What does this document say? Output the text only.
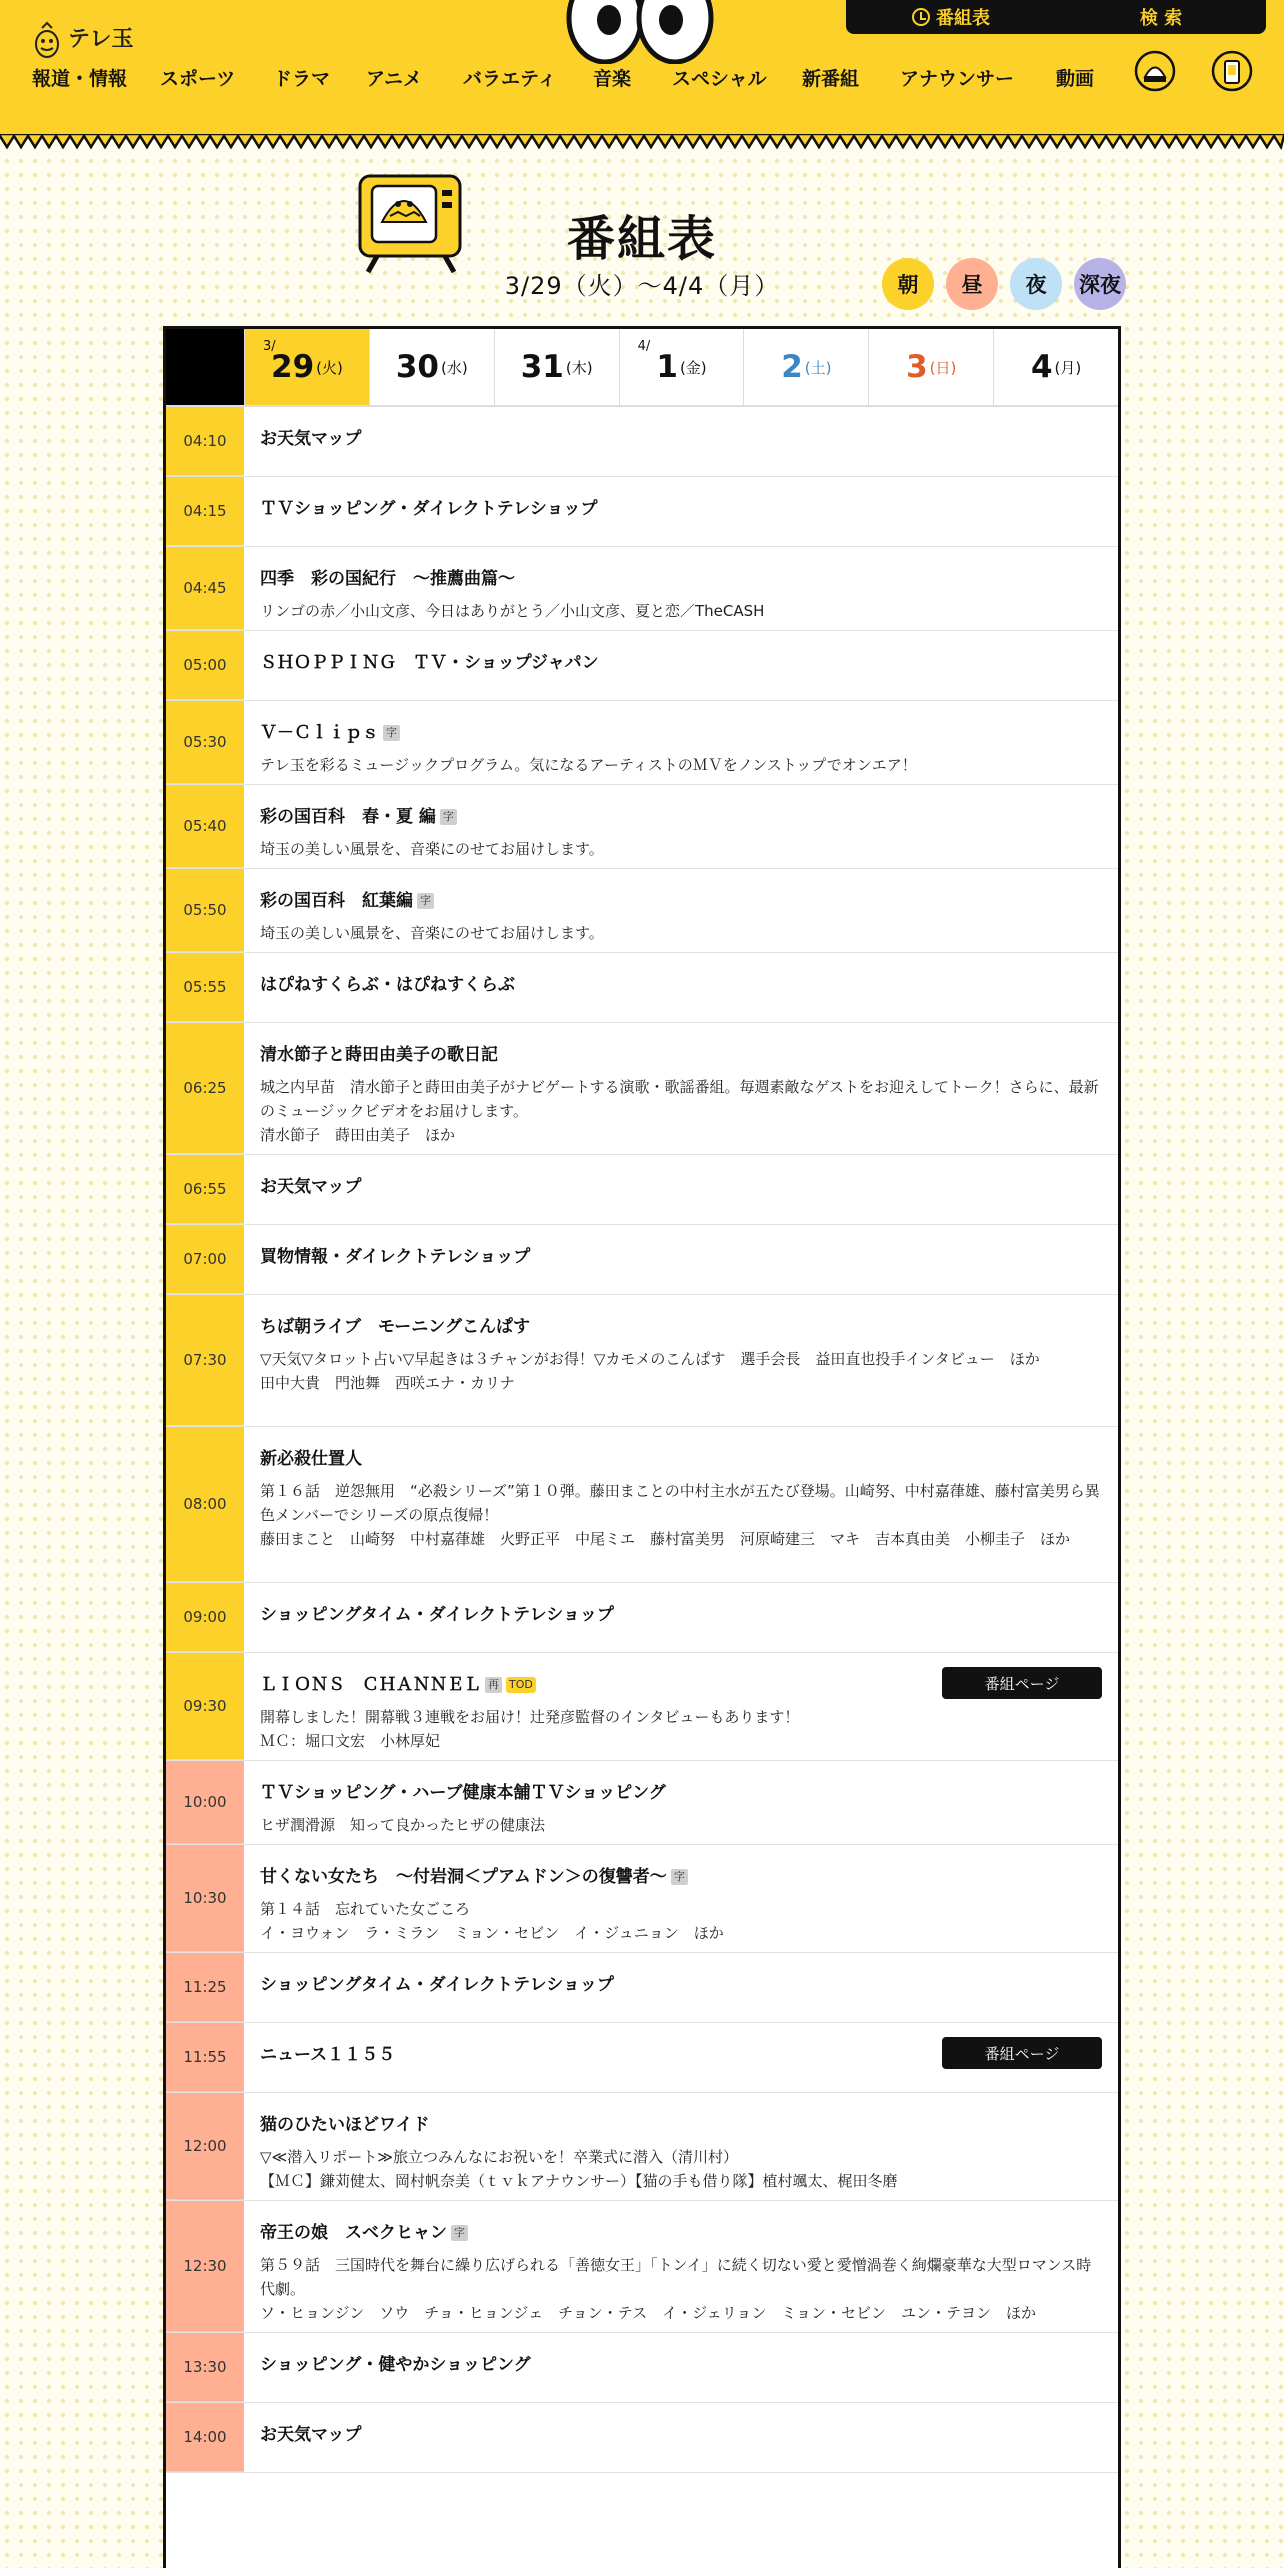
テレ玉
番組表	検 索
報道・情報 スポーツ ドラマ アニメ バラエティ 音楽 スペシャル 新番組 アナウンサー 動画
番組表
3/29（火）〜4/4（月）	朝 昼 夜 深夜
3/
29 (火) 30 (水) 31 (木)
4/
1 (金) 2 (土) 3 (日) 4 (月)
04:10	お天気マップ
04:15	ＴＶショッピング・ダイレクトテレショップ
04:45	四季　彩の国紀行　～推薦曲篇～
リンゴの赤／小山文彦、今日はありがとう／小山文彦、夏と恋／TheCASH
05:00	ＳＨＯＰＰＩＮＧ　ＴＶ・ショップジャパン
05:30	Ｖ－Ｃｌｉｐｓ 字
テレ玉を彩るミュージックプログラム。気になるアーティストのＭＶをノンストップでオンエア！
05:40	彩の国百科　春・夏 編 字
埼玉の美しい風景を、音楽にのせてお届けします。
05:50	彩の国百科　紅葉編 字
埼玉の美しい風景を、音楽にのせてお届けします。
05:55	はぴねすくらぶ・はぴねすくらぶ
06:25
清水節子と蒔田由美子の歌日記
城之内早苗　清水節子と蒔田由美子がナビゲートする演歌・歌謡番組。毎週素敵なゲストをお迎えしてトーク！さらに、最新のミュージックビデオをお届けします。
清水節子　蒔田由美子　ほか
06:55	お天気マップ
07:00	買物情報・ダイレクトテレショップ
07:30
ちば朝ライブ　モーニングこんぱす
▽天気▽タロット占い▽早起きは３チャンがお得！▽カモメのこんぱす　選手会長　益田直也投手インタビュー　ほか
田中大貴　門池舞　西咲エナ・カリナ
08:00
新必殺仕置人
第１６話　逆怨無用　“必殺シリーズ”第１０弾。藤田まことの中村主水が五たび登場。山崎努、中村嘉葎雄、藤村富美男ら異色メンバーでシリーズの原点復帰！
藤田まこと　山崎努　中村嘉葎雄　火野正平　中尾ミエ　藤村富美男　河原崎建三　マキ　吉本真由美　小柳圭子　ほか
09:00	ショッピングタイム・ダイレクトテレショップ
09:30
ＬＩＯＮＳ　ＣＨＡＮＮＥＬ 再 TOD
開幕しました！開幕戦３連戦をお届け！辻発彦監督のインタビューもあります！
ＭＣ：堀口文宏　小林厚妃
番組ページ
10:00	ＴＶショッピング・ハーブ健康本舗ＴＶショッピング
ヒザ潤滑源　知って良かったヒザの健康法
10:30
甘くない女たち　～付岩洞＜プアムドン＞の復讐者～ 字
第１４話　忘れていた女ごころ
イ・ヨウォン　ラ・ミラン　ミョン・セビン　イ・ジュニョン　ほか
11:25	ショッピングタイム・ダイレクトテレショップ
11:55	ニュース１１５５	番組ページ
12:00
猫のひたいほどワイド
▽≪潜入リポート≫旅立つみんなにお祝いを！卒業式に潜入（清川村）
【ＭＣ】鎌苅健太、岡村帆奈美（ｔｖｋアナウンサー）【猫の手も借り隊】植村颯太、梶田冬磨
12:30
帝王の娘　スベクヒャン 字
第５９話　三国時代を舞台に繰り広げられる「善徳女王」「トンイ」に続く切ない愛と愛憎渦巻く絢爛豪華な大型ロマンス時代劇。
ソ・ヒョンジン　ソウ　チョ・ヒョンジェ　チョン・テス　イ・ジェリョン　ミョン・セビン　ユン・テヨン　ほか
13:30	ショッピング・健やかショッピング
14:00	お天気マップ
